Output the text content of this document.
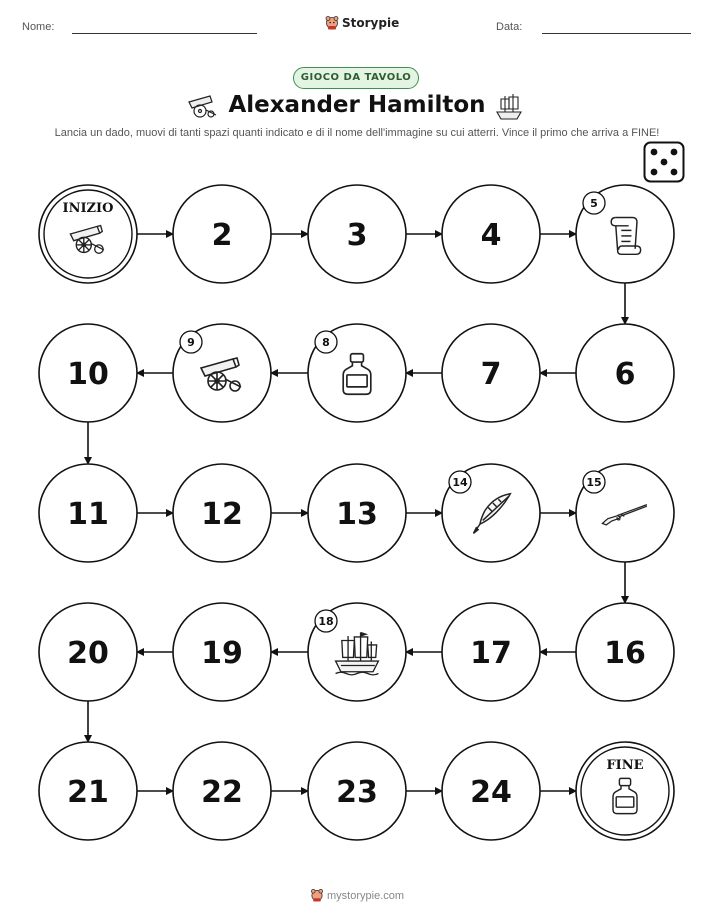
Nome:	Storypie	Data:
GIOCO DA TAVOLO
Alexander Hamilton
Lancia un dado, muovi di tanti spazi quanti indicato e di il nome dell'immagine su cui atterri. Vince il primo che arriva a FINE!
INIZIO
2	3	4
5
6
7
8
9
10
11	12	13
14	15
16
17
18
19
20
21	22	23	24
FINE
mystorypie.com
